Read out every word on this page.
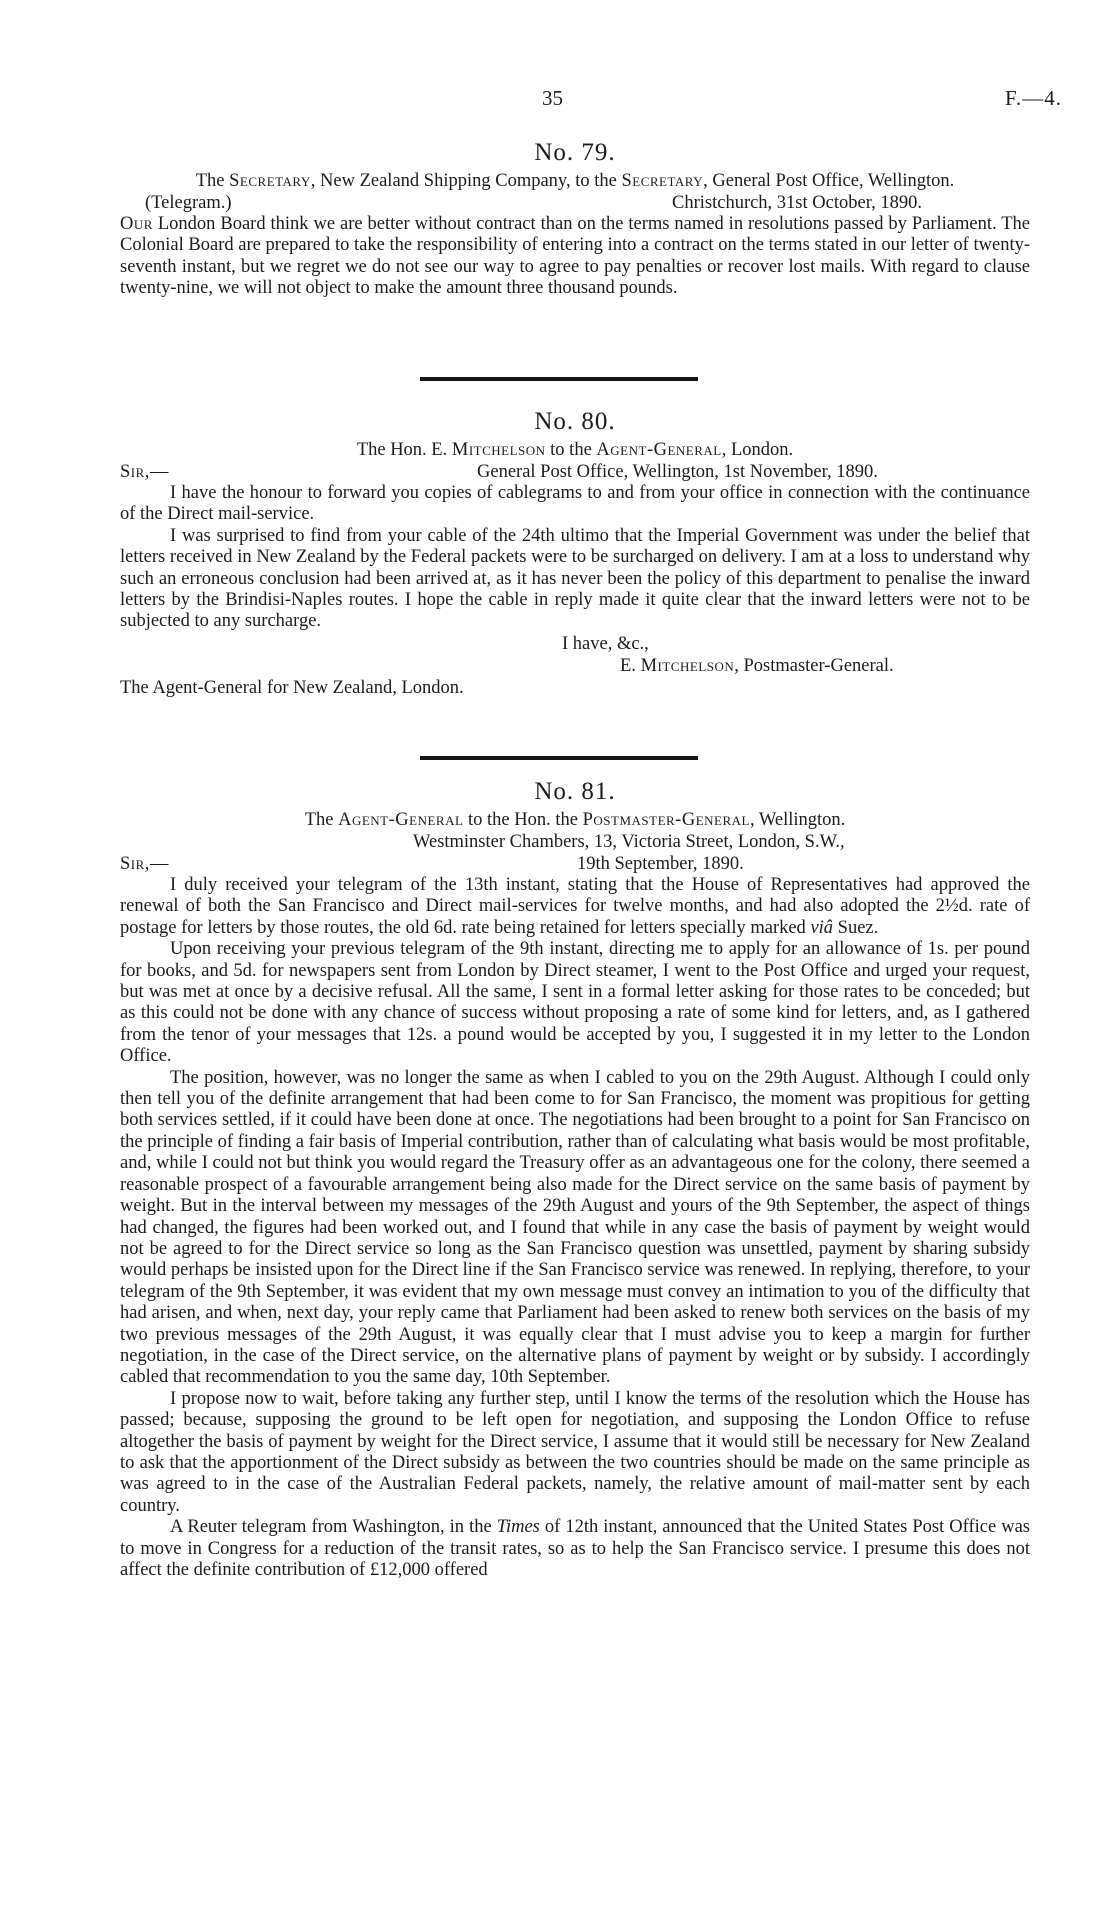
35	F.—4.

No. 79.

The Secretary, New Zealand Shipping Company, to the Secretary, General Post Office, Wellington.

(Telegram.)	Christchurch, 31st October, 1890.

Our London Board think we are better without contract than on the terms named in resolutions passed by Parliament. The Colonial Board are prepared to take the responsibility of entering into a contract on the terms stated in our letter of twenty-seventh instant, but we regret we do not see our way to agree to pay penalties or recover lost mails. With regard to clause twenty-nine, we will not object to make the amount three thousand pounds.

No. 80.

The Hon. E. Mitchelson to the Agent-General, London.

Sir,—	General Post Office, Wellington, 1st November, 1890.

I have the honour to forward you copies of cablegrams to and from your office in connection with the continuance of the Direct mail-service.

I was surprised to find from your cable of the 24th ultimo that the Imperial Government was under the belief that letters received in New Zealand by the Federal packets were to be surcharged on delivery. I am at a loss to understand why such an erroneous conclusion had been arrived at, as it has never been the policy of this department to penalise the inward letters by the Brindisi-Naples routes. I hope the cable in reply made it quite clear that the inward letters were not to be subjected to any surcharge.

I have, &c.,
E. Mitchelson, Postmaster-General.
The Agent-General for New Zealand, London.

No. 81.

The Agent-General to the Hon. the Postmaster-General, Wellington.

Westminster Chambers, 13, Victoria Street, London, S.W.,
Sir,—	19th September, 1890.

I duly received your telegram of the 13th instant, stating that the House of Representatives had approved the renewal of both the San Francisco and Direct mail-services for twelve months, and had also adopted the 2½d. rate of postage for letters by those routes, the old 6d. rate being retained for letters specially marked viâ Suez.

Upon receiving your previous telegram of the 9th instant, directing me to apply for an allowance of 1s. per pound for books, and 5d. for newspapers sent from London by Direct steamer, I went to the Post Office and urged your request, but was met at once by a decisive refusal. All the same, I sent in a formal letter asking for those rates to be conceded; but as this could not be done with any chance of success without proposing a rate of some kind for letters, and, as I gathered from the tenor of your messages that 12s. a pound would be accepted by you, I suggested it in my letter to the London Office.

The position, however, was no longer the same as when I cabled to you on the 29th August. Although I could only then tell you of the definite arrangement that had been come to for San Francisco, the moment was propitious for getting both services settled, if it could have been done at once. The negotiations had been brought to a point for San Francisco on the principle of finding a fair basis of Imperial contribution, rather than of calculating what basis would be most profitable, and, while I could not but think you would regard the Treasury offer as an advantageous one for the colony, there seemed a reasonable prospect of a favourable arrangement being also made for the Direct service on the same basis of payment by weight. But in the interval between my messages of the 29th August and yours of the 9th September, the aspect of things had changed, the figures had been worked out, and I found that while in any case the basis of payment by weight would not be agreed to for the Direct service so long as the San Francisco question was unsettled, payment by sharing subsidy would perhaps be insisted upon for the Direct line if the San Francisco service was renewed. In replying, therefore, to your telegram of the 9th September, it was evident that my own message must convey an intimation to you of the difficulty that had arisen, and when, next day, your reply came that Parliament had been asked to renew both services on the basis of my two previous messages of the 29th August, it was equally clear that I must advise you to keep a margin for further negotiation, in the case of the Direct service, on the alternative plans of payment by weight or by subsidy. I accordingly cabled that recommendation to you the same day, 10th September.

I propose now to wait, before taking any further step, until I know the terms of the resolution which the House has passed; because, supposing the ground to be left open for negotiation, and supposing the London Office to refuse altogether the basis of payment by weight for the Direct service, I assume that it would still be necessary for New Zealand to ask that the apportionment of the Direct subsidy as between the two countries should be made on the same principle as was agreed to in the case of the Australian Federal packets, namely, the relative amount of mail-matter sent by each country.

A Reuter telegram from Washington, in the Times of 12th instant, announced that the United States Post Office was to move in Congress for a reduction of the transit rates, so as to help the San Francisco service. I presume this does not affect the definite contribution of £12,000 offered
